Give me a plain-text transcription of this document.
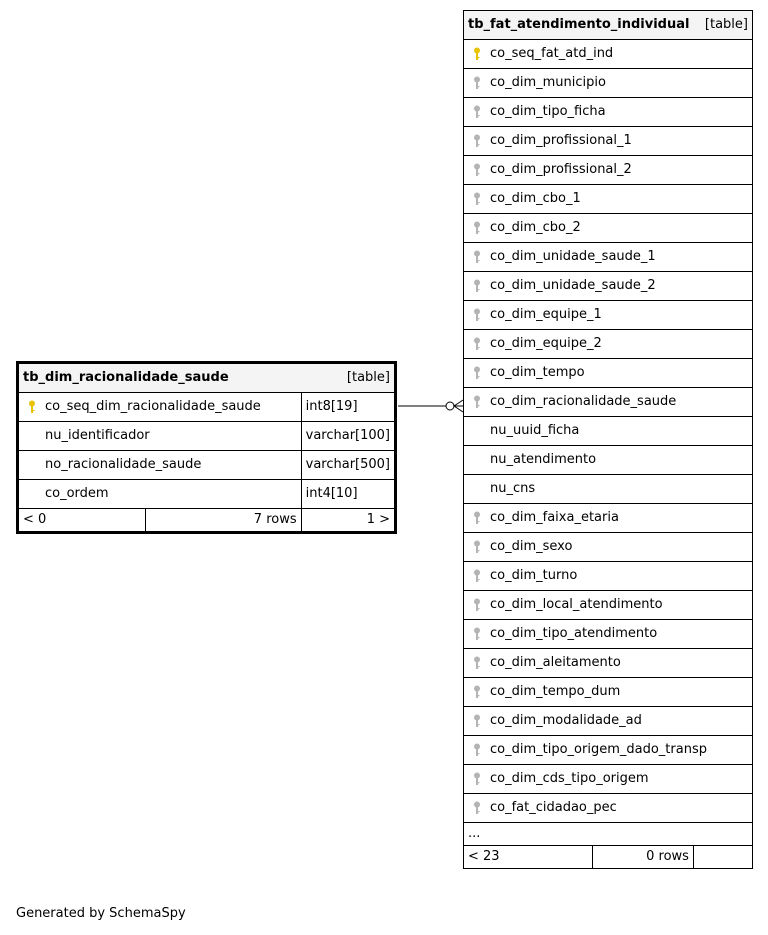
tb_dim_racionalidade_saude		[table]

co_seq_dim_racionalidade_saude		int8[19]
nu_identificador		varchar[100]
no_racionalidade_saude		varchar[500]
co_ordem		int4[10]
< 0	7 rows	1 >
tb_fat_atendimento_individual		[table]

co_seq_fat_atd_ind		

co_dim_municipio		

co_dim_tipo_ficha		

co_dim_profissional_1		

co_dim_profissional_2		

co_dim_cbo_1		

co_dim_cbo_2		

co_dim_unidade_saude_1		

co_dim_unidade_saude_2		

co_dim_equipe_1		

co_dim_equipe_2		

co_dim_tempo		

co_dim_racionalidade_saude		
nu_uuid_ficha		
nu_atendimento		
nu_cns		

co_dim_faixa_etaria		

co_dim_sexo		

co_dim_turno		

co_dim_local_atendimento		

co_dim_tipo_atendimento		

co_dim_aleitamento		

co_dim_tempo_dum		

co_dim_modalidade_ad		

co_dim_tipo_origem_dado_transp		

co_dim_cds_tipo_origem		

co_fat_cidadao_pec		
...		
< 23	0 rows	
Generated by SchemaSpy
